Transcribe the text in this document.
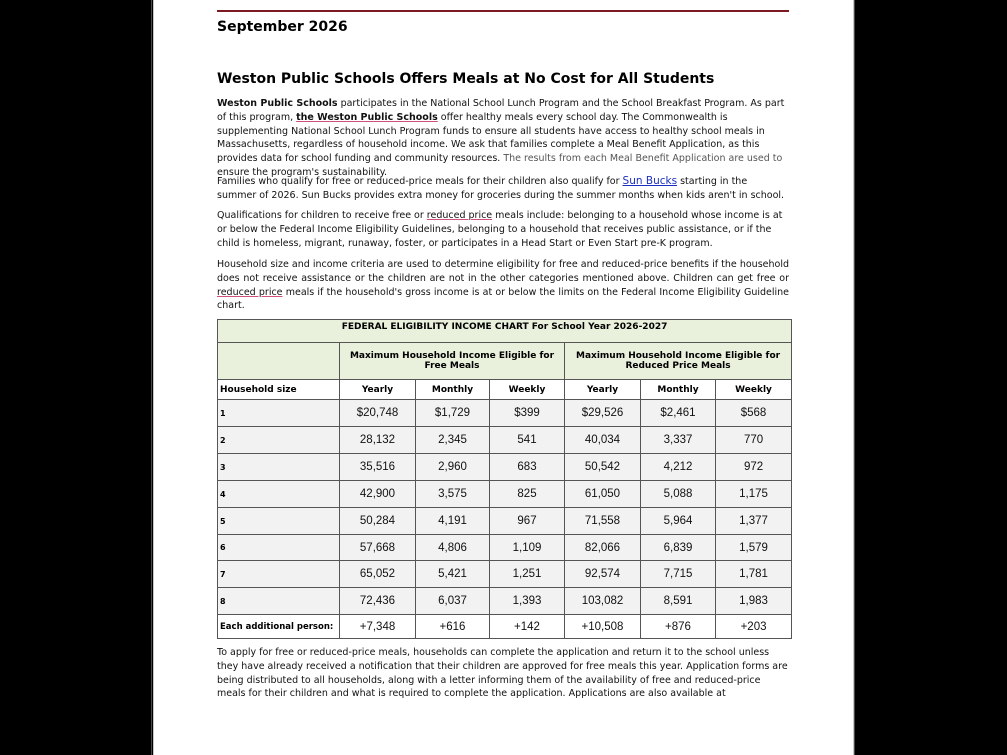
September 2026
Weston Public Schools Offers Meals at No Cost for All Students
Weston Public Schools participates in the National School Lunch Program and the School Breakfast Program. As part of this program, the Weston Public Schools offer healthy meals every school day. The Commonwealth is supplementing National School Lunch Program funds to ensure all students have access to healthy school meals in Massachusetts, regardless of household income. We ask that families complete a Meal Benefit Application, as this provides data for school funding and community resources. The results from each Meal Benefit Application are used to ensure the program's sustainability.
Families who qualify for free or reduced-price meals for their children also qualify for Sun Bucks starting in the summer of 2026. Sun Bucks provides extra money for groceries during the summer months when kids aren't in school.
Qualifications for children to receive free or reduced price meals include: belonging to a household whose income is at or below the Federal Income Eligibility Guidelines, belonging to a household that receives public assistance, or if the child is homeless, migrant, runaway, foster, or participates in a Head Start or Even Start pre-K program.
Household size and income criteria are used to determine eligibility for free and reduced-price benefits if the household does not receive assistance or the children are not in the other categories mentioned above. Children can get free or reduced price meals if the household's gross income is at or below the limits on the Federal Income Eligibility Guideline chart.
FEDERAL ELIGIBILITY INCOME CHART For School Year 2026-2027						
	Maximum Household Income Eligible for Free Meals			Maximum Household Income Eligible for Reduced Price Meals		
Household size	Yearly	Monthly	Weekly	Yearly	Monthly	Weekly
1	$20,748	$1,729	$399	$29,526	$2,461	$568
2	28,132	2,345	541	40,034	3,337	770
3	35,516	2,960	683	50,542	4,212	972
4	42,900	3,575	825	61,050	5,088	1,175
5	50,284	4,191	967	71,558	5,964	1,377
6	57,668	4,806	1,109	82,066	6,839	1,579
7	65,052	5,421	1,251	92,574	7,715	1,781
8	72,436	6,037	1,393	103,082	8,591	1,983
Each additional person:	+7,348	+616	+142	+10,508	+876	+203
To apply for free or reduced-price meals, households can complete the application and return it to the school unless they have already received a notification that their children are approved for free meals this year. Application forms are being distributed to all households, along with a letter informing them of the availability of free and reduced-price meals for their children and what is required to complete the application. Applications are also available at
